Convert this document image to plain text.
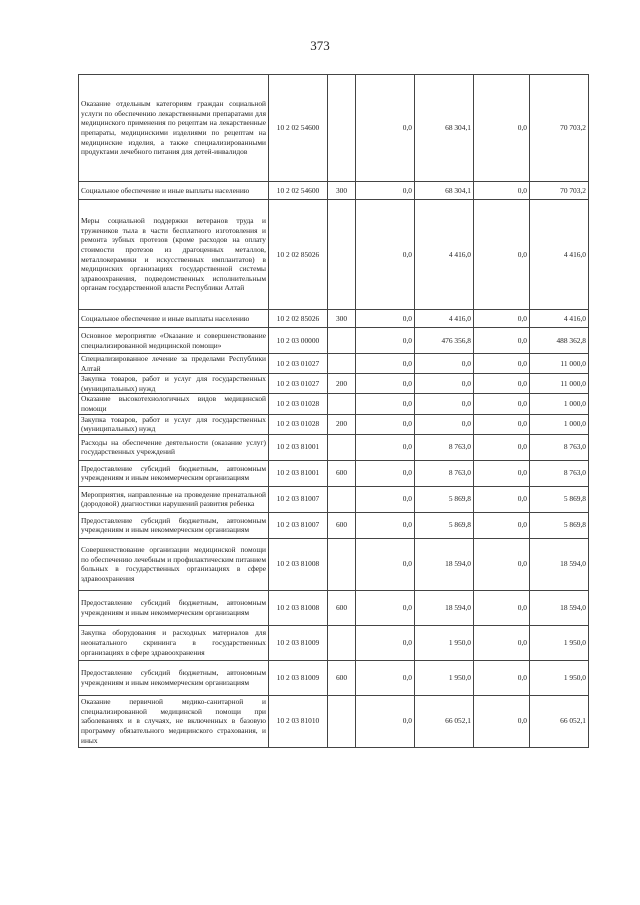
373
Оказание отдельным категориям граждан социальной услуги по обеспечению лекарственными препаратами для медицинского применения по рецептам на лекарственные препараты, медицинскими изделиями по рецептам на медицинские изделия, а также специализированными продуктами лечебного питания для детей-инвалидов	10 2 02 54600		0,0	68 304,1	0,0	70 703,2
Социальное обеспечение и иные выплаты населению	10 2 02 54600	300	0,0	68 304,1	0,0	70 703,2
Меры социальной поддержки ветеранов труда и тружеников тыла в части бесплатного изготовления и ремонта зубных протезов (кроме расходов на оплату стоимости протезов из драгоценных металлов, металлокерамики и искусственных имплантатов) в медицинских организациях государственной системы здравоохранения, подведомственных исполнительным органам государственной власти Республики Алтай	10 2 02 85026		0,0	4 416,0	0,0	4 416,0
Социальное обеспечение и иные выплаты населению	10 2 02 85026	300	0,0	4 416,0	0,0	4 416,0
Основное мероприятие «Оказание и совершенствование специализированной медицинской помощи»	10 2 03 00000		0,0	476 356,8	0,0	488 362,8
Специализированное лечение за пределами Республики Алтай	10 2 03 01027		0,0	0,0	0,0	11 000,0
Закупка товаров, работ и услуг для государственных (муниципальных) нужд	10 2 03 01027	200	0,0	0,0	0,0	11 000,0
Оказание высокотехнологичных видов медицинской помощи	10 2 03 01028		0,0	0,0	0,0	1 000,0
Закупка товаров, работ и услуг для государственных (муниципальных) нужд	10 2 03 01028	200	0,0	0,0	0,0	1 000,0
Расходы на обеспечение деятельности (оказание услуг) государственных учреждений	10 2 03 81001		0,0	8 763,0	0,0	8 763,0
Предоставление субсидий бюджетным, автономным учреждениям и иным некоммерческим организациям	10 2 03 81001	600	0,0	8 763,0	0,0	8 763,0
Мероприятия, направленные на проведение пренатальной (дородовой) диагностики нарушений развития ребенка	10 2 03 81007		0,0	5 869,8	0,0	5 869,8
Предоставление субсидий бюджетным, автономным учреждениям и иным некоммерческим организациям	10 2 03 81007	600	0,0	5 869,8	0,0	5 869,8
Совершенствование организации медицинской помощи по обеспечению лечебным и профилактическим питанием больных в государственных организациях в сфере здравоохранения	10 2 03 81008		0,0	18 594,0	0,0	18 594,0
Предоставление субсидий бюджетным, автономным учреждениям и иным некоммерческим организациям	10 2 03 81008	600	0,0	18 594,0	0,0	18 594,0
Закупка оборудования и расходных материалов для неонатального скрининга в государственных организациях в сфере здравоохранения	10 2 03 81009		0,0	1 950,0	0,0	1 950,0
Предоставление субсидий бюджетным, автономным учреждениям и иным некоммерческим организациям	10 2 03 81009	600	0,0	1 950,0	0,0	1 950,0
Оказание первичной медико-санитарной и специализированной медицинской помощи при заболеваниях и в случаях, не включенных в базовую программу обязательного медицинского страхования, и иных	10 2 03 81010		0,0	66 052,1	0,0	66 052,1
